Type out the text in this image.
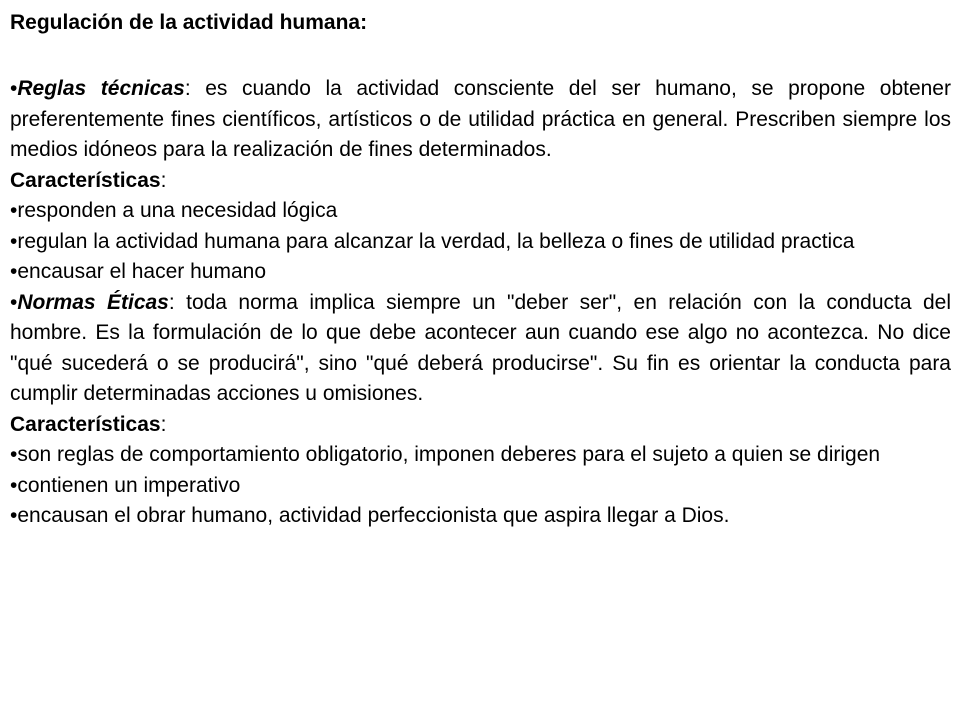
Regulación de la actividad humana:

•Reglas técnicas: es cuando la actividad consciente del ser humano, se propone obtener preferentemente fines científicos, artísticos o de utilidad práctica en general. Prescriben siempre los medios idóneos para la realización de fines determinados.

Características:

•responden a una necesidad lógica

•regulan la actividad humana para alcanzar la verdad, la belleza o fines de utilidad practica

•encausar el hacer humano

•Normas Éticas: toda norma implica siempre un "deber ser", en relación con la conducta del hombre. Es la formulación de lo que debe acontecer aun cuando ese algo no acontezca. No dice "qué sucederá o se producirá", sino "qué deberá producirse". Su fin es orientar la conducta para cumplir determinadas acciones u omisiones.

Características:

•son reglas de comportamiento obligatorio, imponen deberes para el sujeto a quien se dirigen

•contienen un imperativo

•encausan el obrar humano, actividad perfeccionista que aspira llegar a Dios.
